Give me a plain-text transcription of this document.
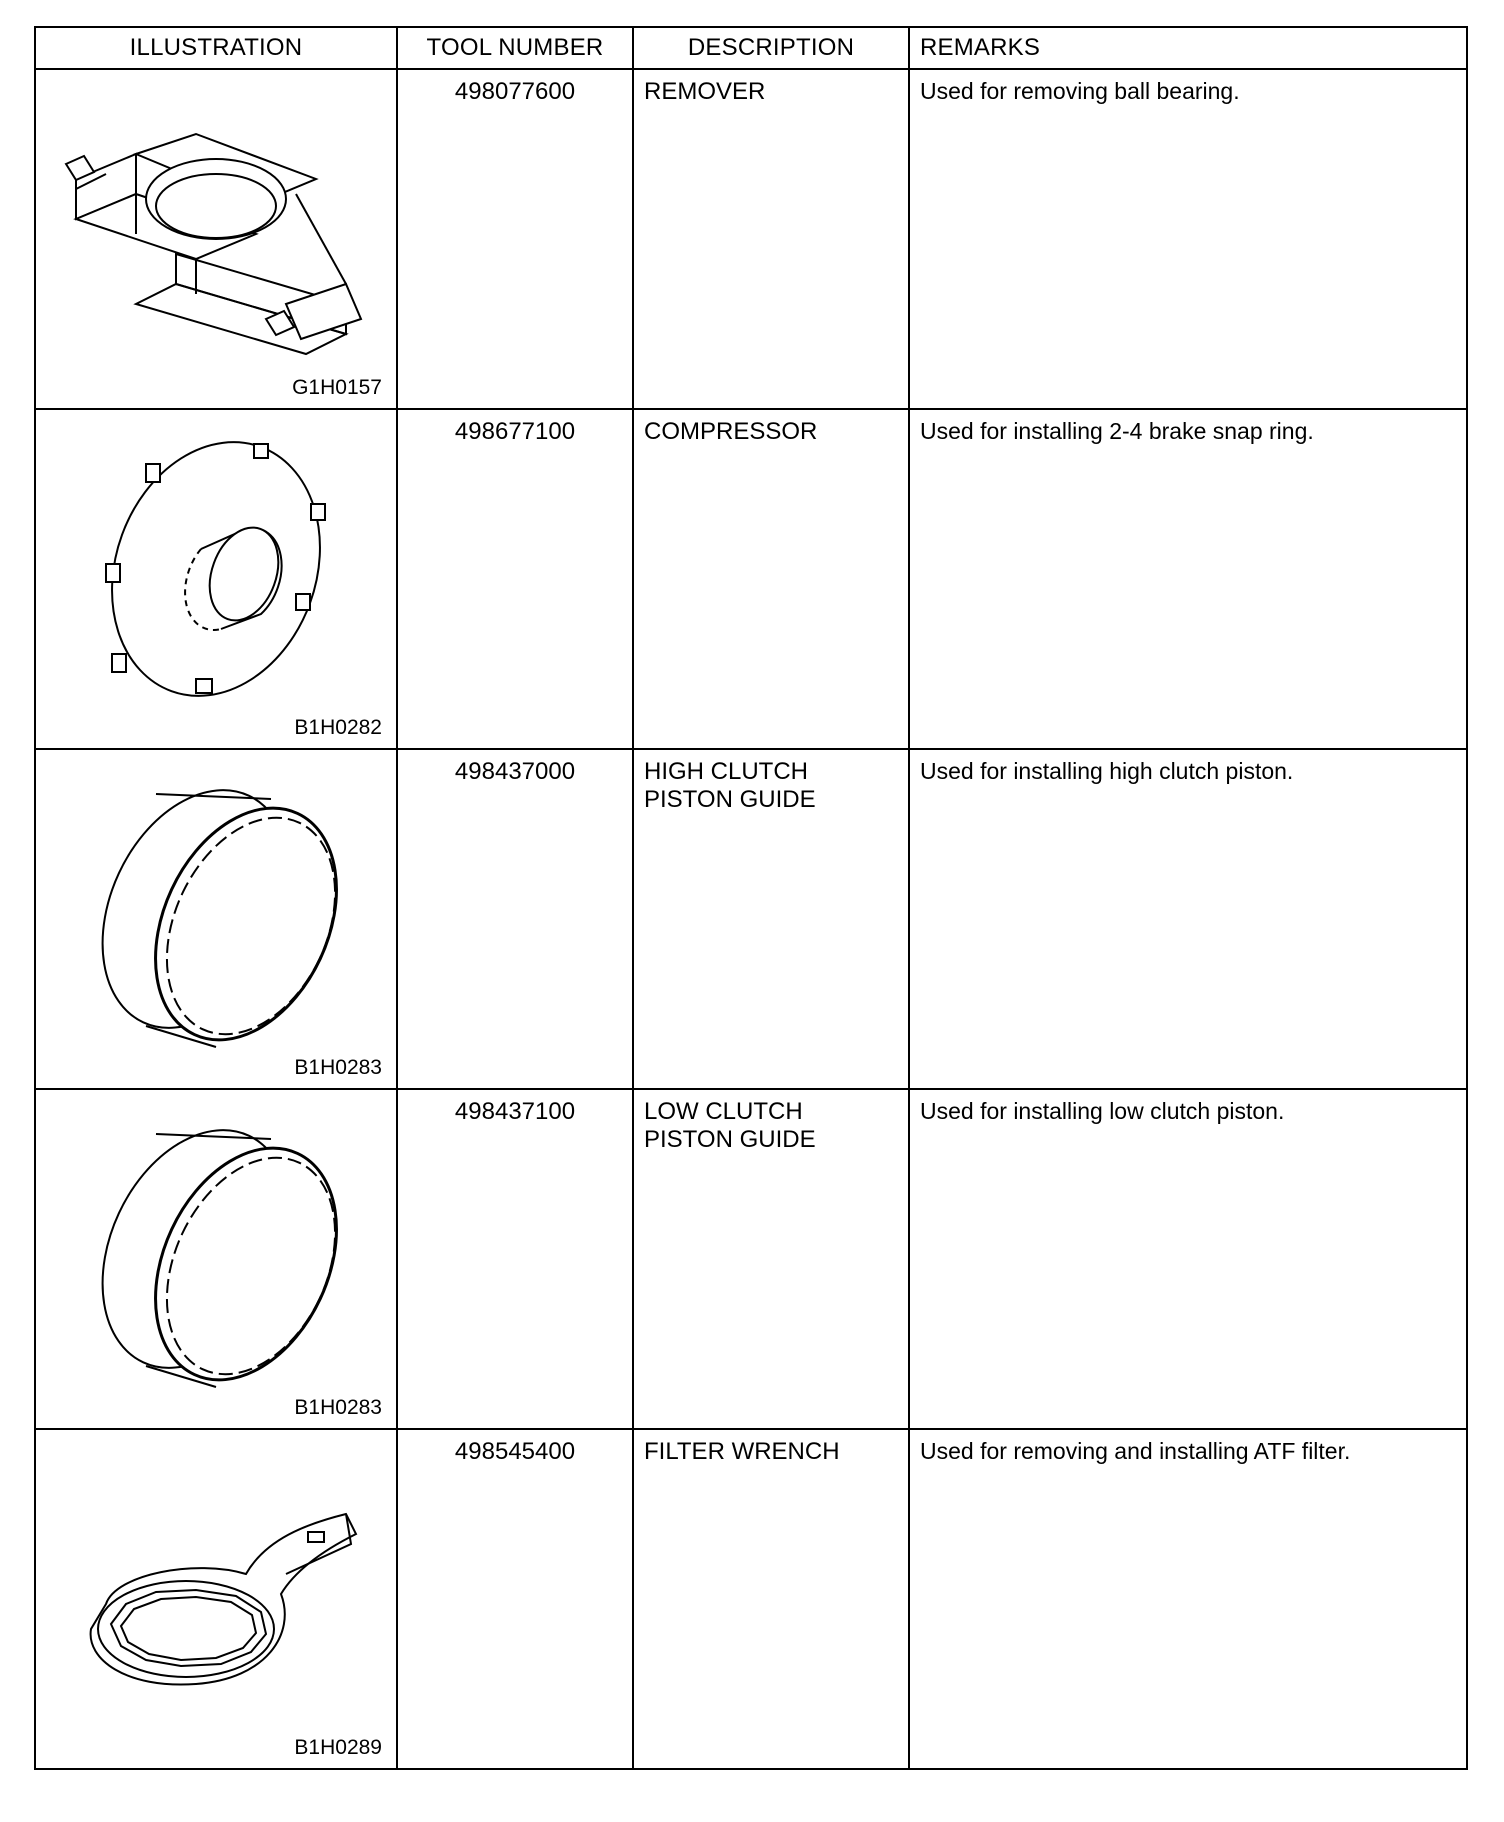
ILLUSTRATION	TOOL NUMBER	DESCRIPTION	REMARKS

G1H0157	498077600	REMOVER	Used for removing ball bearing.

B1H0282	498677100	COMPRESSOR	Used for installing 2-4 brake snap ring.

B1H0283	498437000	HIGH CLUTCH
PISTON GUIDE	Used for installing high clutch piston.

B1H0283	498437100	LOW CLUTCH
PISTON GUIDE	Used for installing low clutch piston.

B1H0289	498545400	FILTER WRENCH	Used for removing and installing ATF filter.
